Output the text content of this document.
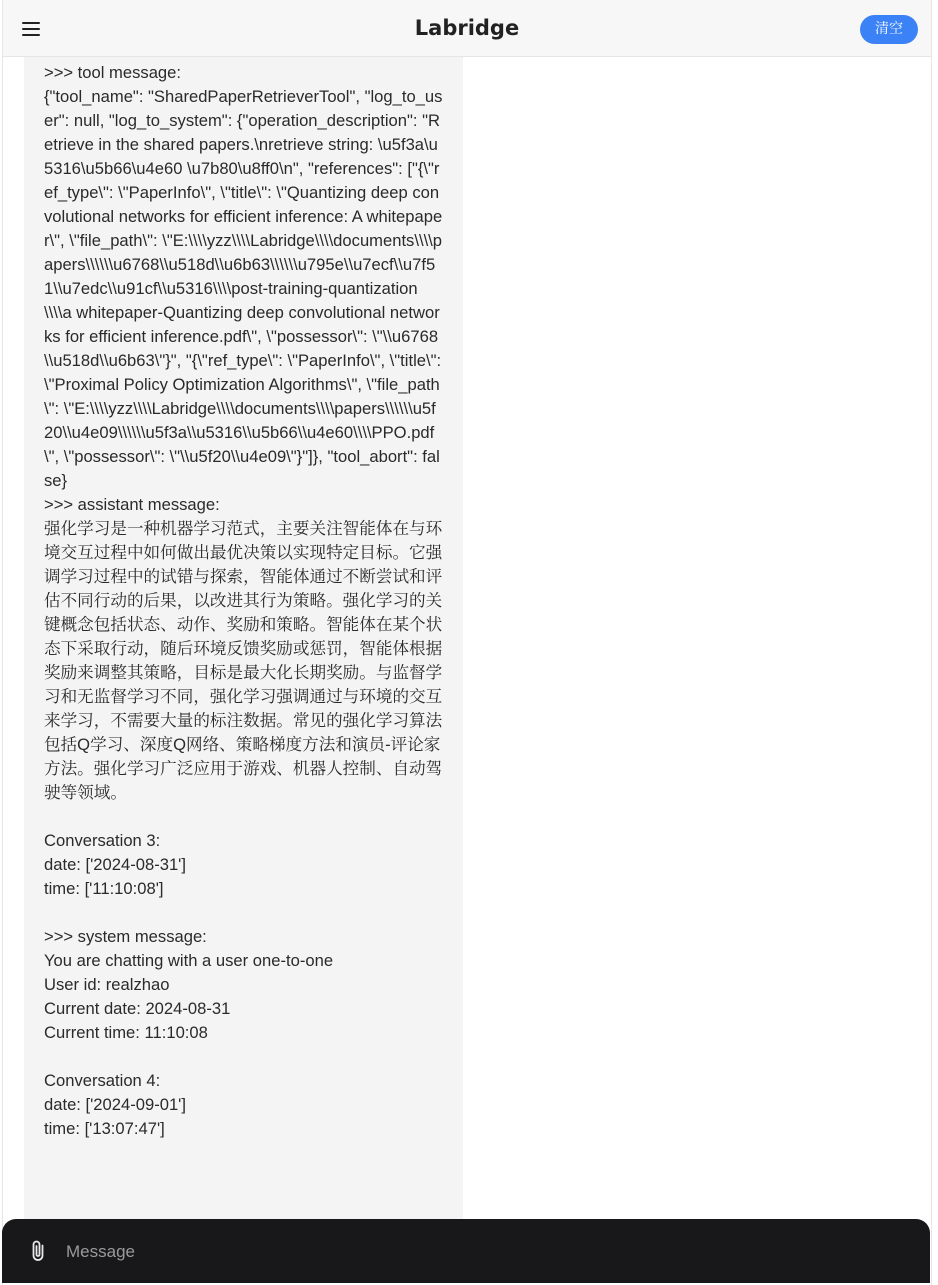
Labridge	清空
>>> tool message:
{"tool_name": "SharedPaperRetrieverTool", "log_to_user": null, "log_to_system": {"operation_description": "Retrieve in the shared papers.\nretrieve string: \u5f3a\u5316\u5b66\u4e60 \u7b80\u8ff0\n", "references": ["{\"ref_type\": \"PaperInfo\", \"title\": \"Quantizing deep convolutional networks for efficient inference: A whitepaper\", \"file_path\": \"E:\\\\yzz\\\\Labridge\\\\documents\\\\papers\\\\\\u6768\\u518d\\u6b63\\\\\\u795e\\u7ecf\\u7f51\\u7edc\\u91cf\\u5316\\\\post-training-quantization\\\\a whitepaper-Quantizing deep convolutional networks for efficient inference.pdf\", \"possessor\": \"\\u6768\\u518d\\u6b63\"}", "{\"ref_type\": \"PaperInfo\", \"title\": \"Proximal Policy Optimization Algorithms\", \"file_path\": \"E:\\\\yzz\\\\Labridge\\\\documents\\\\papers\\\\\\u5f20\\u4e09\\\\\\u5f3a\\u5316\\u5b66\\u4e60\\\\PPO.pdf\", \"possessor\": \"\\u5f20\\u4e09\"}"]}, "tool_abort": false}
>>> assistant message:
强化学习是一种机器学习范式，主要关注智能体在与环境交互过程中如何做出最优决策以实现特定目标。它强调学习过程中的试错与探索，智能体通过不断尝试和评估不同行动的后果，以改进其行为策略。强化学习的关键概念包括状态、动作、奖励和策略。智能体在某个状态下采取行动，随后环境反馈奖励或惩罚，智能体根据奖励来调整其策略，目标是最大化长期奖励。与监督学习和无监督学习不同，强化学习强调通过与环境的交互来学习，不需要大量的标注数据。常见的强化学习算法包括Q学习、深度Q网络、策略梯度方法和演员-评论家方法。强化学习广泛应用于游戏、机器人控制、自动驾驶等领域。

Conversation 3:
date: ['2024-08-31']
time: ['11:10:08']

>>> system message:
You are chatting with a user one-to-one
User id: realzhao
Current date: 2024-08-31
Current time: 11:10:08

Conversation 4:
date: ['2024-09-01']
time: ['13:07:47']
Message
